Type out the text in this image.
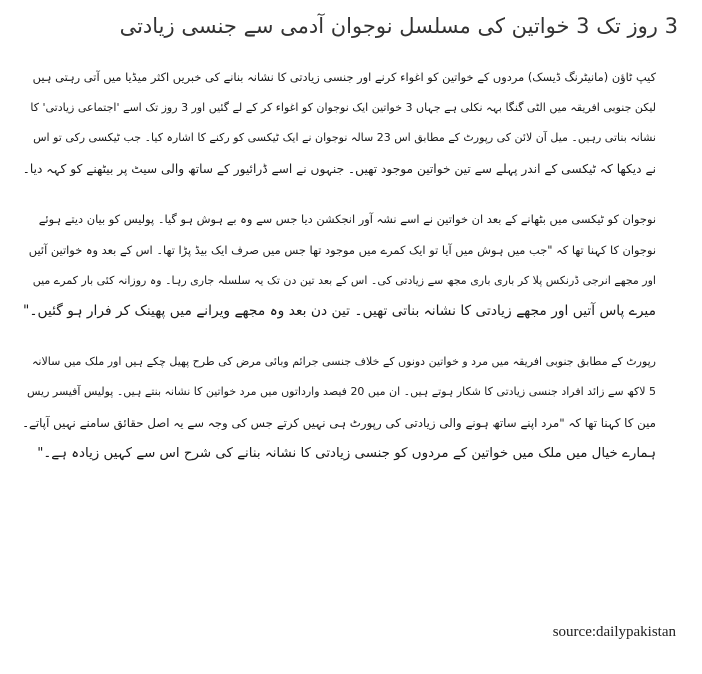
3 روز تک 3 خواتین کی مسلسل نوجوان آدمی سے جنسی زیادتی
کیپ ٹاؤن (مانیٹرنگ ڈیسک) مردوں کے خواتین کو اغواء کرنے اور جنسی زیادتی کا نشانہ بنانے کی خبریں اکثر میڈیا میں آتی رہتی ہیں
لیکن جنوبی افریقہ میں الٹی گنگا بہہ نکلی ہے جہاں 3 خواتین ایک نوجوان کو اغواء کر کے لے گئیں اور 3 روز تک اسے 'اجتماعی زیادتی' کا
نشانہ بناتی رہیں۔ میل آن لائن کی رپورٹ کے مطابق اس 23 سالہ نوجوان نے ایک ٹیکسی کو رکنے کا اشارہ کیا۔ جب ٹیکسی رکی تو اس
نے دیکھا کہ ٹیکسی کے اندر پہلے سے تین خواتین موجود تھیں۔ جنہوں نے اسے ڈرائیور کے ساتھ والی سیٹ پر بیٹھنے کو کہہ دیا۔
نوجوان کو ٹیکسی میں بٹھانے کے بعد ان خواتین نے اسے نشہ آور انجکشن دیا جس سے وہ بے ہوش ہو گیا۔ پولیس کو بیان دیتے ہوئے
نوجوان کا کہنا تھا کہ "جب میں ہوش میں آیا تو ایک کمرے میں موجود تھا جس میں صرف ایک بیڈ پڑا تھا۔ اس کے بعد وہ خواتین آئیں
اور مجھے انرجی ڈرنکس پلا کر باری باری مجھ سے زیادتی کی۔ اس کے بعد تین دن تک یہ سلسلہ جاری رہا۔ وہ روزانہ کئی بار کمرے میں
میرے پاس آتیں اور مجھے زیادتی کا نشانہ بناتی تھیں۔ تین دن بعد وہ مجھے ویرانے میں پھینک کر فرار ہو گئیں۔"
رپورٹ کے مطابق جنوبی افریقہ میں مرد و خواتین دونوں کے خلاف جنسی جرائم وبائی مرض کی طرح پھیل چکے ہیں اور ملک میں سالانہ
5 لاکھ سے زائد افراد جنسی زیادتی کا شکار ہوتے ہیں۔ ان میں 20 فیصد وارداتوں میں مرد خواتین کا نشانہ بنتے ہیں۔ پولیس آفیسر ریس
مین کا کہنا تھا کہ "مرد اپنے ساتھ ہونے والی زیادتی کی رپورٹ ہی نہیں کرتے جس کی وجہ سے یہ اصل حقائق سامنے نہیں آپاتے۔
ہمارے خیال میں ملک میں خواتین کے مردوں کو جنسی زیادتی کا نشانہ بنانے کی شرح اس سے کہیں زیادہ ہے۔"
source:dailypakistan
